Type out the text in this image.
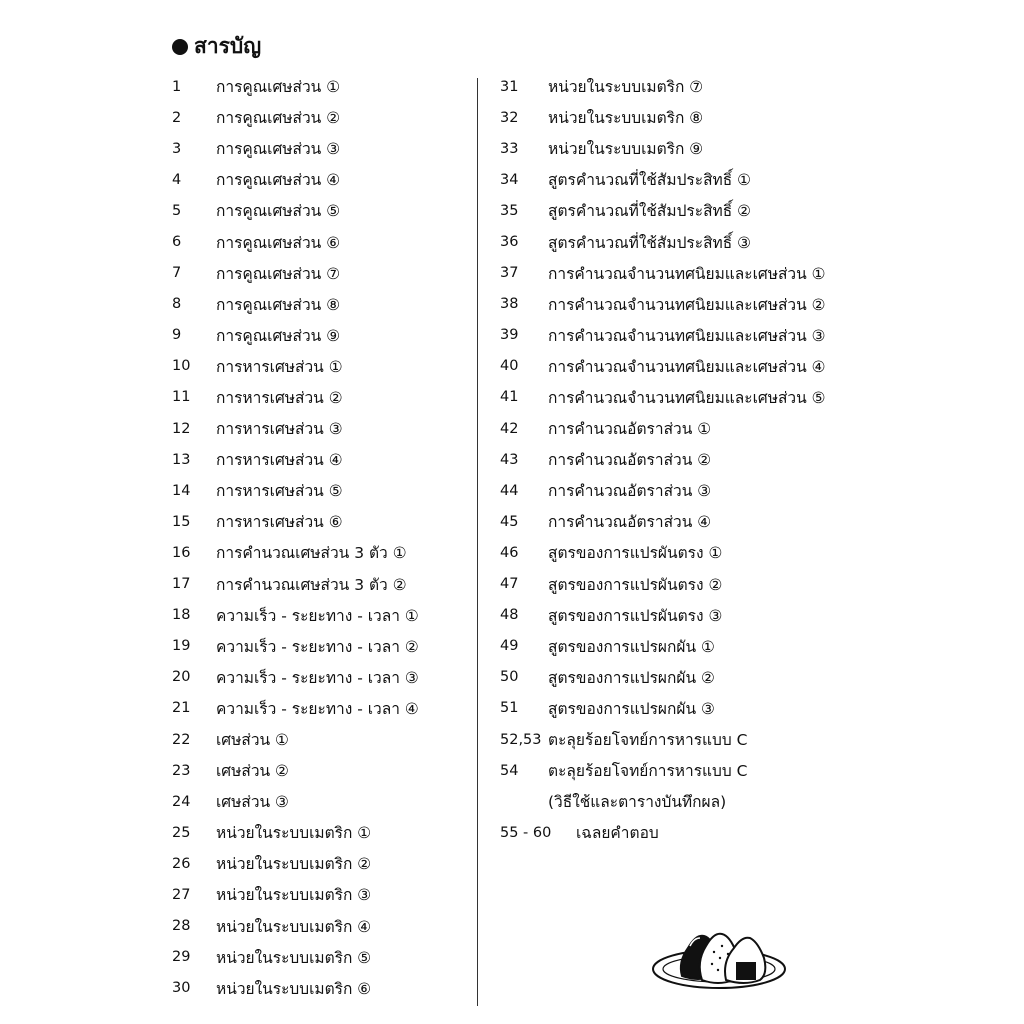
สารบัญ
1	การคูณเศษส่วน ①
2	การคูณเศษส่วน ②
3	การคูณเศษส่วน ③
4	การคูณเศษส่วน ④
5	การคูณเศษส่วน ⑤
6	การคูณเศษส่วน ⑥
7	การคูณเศษส่วน ⑦
8	การคูณเศษส่วน ⑧
9	การคูณเศษส่วน ⑨
10	การหารเศษส่วน ①
11	การหารเศษส่วน ②
12	การหารเศษส่วน ③
13	การหารเศษส่วน ④
14	การหารเศษส่วน ⑤
15	การหารเศษส่วน ⑥
16	การคำนวณเศษส่วน 3 ตัว ①
17	การคำนวณเศษส่วน 3 ตัว ②
18	ความเร็ว - ระยะทาง - เวลา ①
19	ความเร็ว - ระยะทาง - เวลา ②
20	ความเร็ว - ระยะทาง - เวลา ③
21	ความเร็ว - ระยะทาง - เวลา ④
22	เศษส่วน ①
23	เศษส่วน ②
24	เศษส่วน ③
25	หน่วยในระบบเมตริก ①
26	หน่วยในระบบเมตริก ②
27	หน่วยในระบบเมตริก ③
28	หน่วยในระบบเมตริก ④
29	หน่วยในระบบเมตริก ⑤
30	หน่วยในระบบเมตริก ⑥
31	หน่วยในระบบเมตริก ⑦
32	หน่วยในระบบเมตริก ⑧
33	หน่วยในระบบเมตริก ⑨
34	สูตรคำนวณที่ใช้สัมประสิทธิ์ ①
35	สูตรคำนวณที่ใช้สัมประสิทธิ์ ②
36	สูตรคำนวณที่ใช้สัมประสิทธิ์ ③
37	การคำนวณจำนวนทศนิยมและเศษส่วน ①
38	การคำนวณจำนวนทศนิยมและเศษส่วน ②
39	การคำนวณจำนวนทศนิยมและเศษส่วน ③
40	การคำนวณจำนวนทศนิยมและเศษส่วน ④
41	การคำนวณจำนวนทศนิยมและเศษส่วน ⑤
42	การคำนวณอัตราส่วน ①
43	การคำนวณอัตราส่วน ②
44	การคำนวณอัตราส่วน ③
45	การคำนวณอัตราส่วน ④
46	สูตรของการแปรผันตรง ①
47	สูตรของการแปรผันตรง ②
48	สูตรของการแปรผันตรง ③
49	สูตรของการแปรผกผัน ①
50	สูตรของการแปรผกผัน ②
51	สูตรของการแปรผกผัน ③
52,53 ตะลุยร้อยโจทย์การหารแบบ C
54	ตะลุยร้อยโจทย์การหารแบบ C
(วิธีใช้และตารางบันทึกผล)
55 - 60	เฉลยคำตอบ
